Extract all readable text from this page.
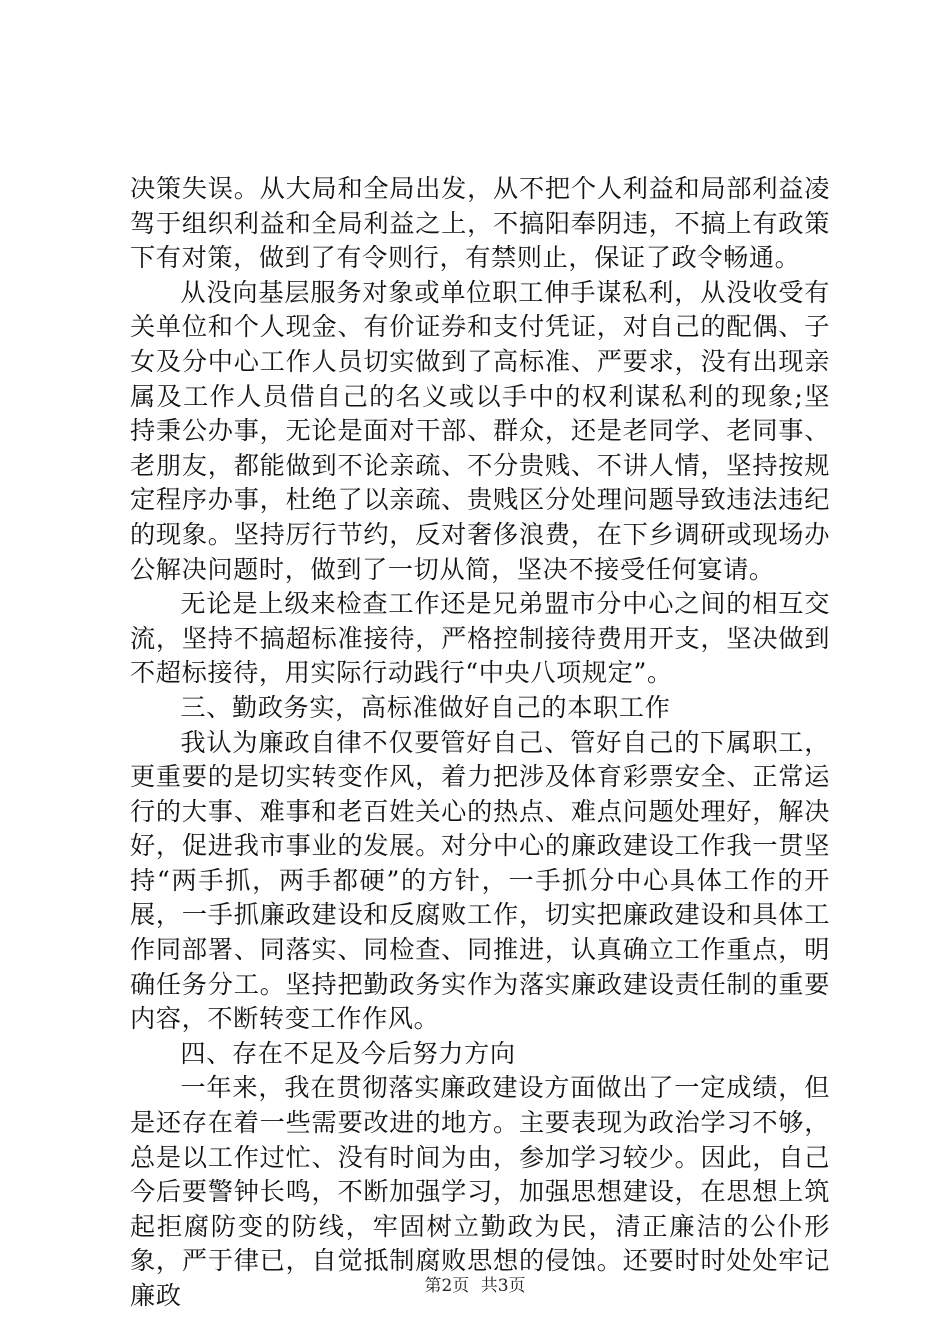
决策失误。从大局和全局出发，从不把个人利益和局部利益凌驾于组织利益和全局利益之上，不搞阳奉阴违，不搞上有政策下有对策，做到了有令则行，有禁则止，保证了政令畅通。

从没向基层服务对象或单位职工伸手谋私利，从没收受有关单位和个人现金、有价证券和支付凭证，对自己的配偶、子女及分中心工作人员切实做到了高标准、严要求，没有出现亲属及工作人员借自己的名义或以手中的权利谋私利的现象;坚持秉公办事，无论是面对干部、群众，还是老同学、老同事、老朋友，都能做到不论亲疏、不分贵贱、不讲人情，坚持按规定程序办事，杜绝了以亲疏、贵贱区分处理问题导致违法违纪的现象。坚持厉行节约，反对奢侈浪费，在下乡调研或现场办公解决问题时，做到了一切从简，坚决不接受任何宴请。

无论是上级来检查工作还是兄弟盟市分中心之间的相互交流，坚持不搞超标准接待，严格控制接待费用开支，坚决做到不超标接待，用实际行动践行“中央八项规定”。

三、勤政务实，高标准做好自己的本职工作

我认为廉政自律不仅要管好自己、管好自己的下属职工，更重要的是切实转变作风，着力把涉及体育彩票安全、正常运行的大事、难事和老百姓关心的热点、难点问题处理好，解决好，促进我市事业的发展。对分中心的廉政建设工作我一贯坚持“两手抓，两手都硬”的方针，一手抓分中心具体工作的开展，一手抓廉政建设和反腐败工作，切实把廉政建设和具体工作同部署、同落实、同检查、同推进，认真确立工作重点，明确任务分工。坚持把勤政务实作为落实廉政建设责任制的重要内容，不断转变工作作风。

四、存在不足及今后努力方向

一年来，我在贯彻落实廉政建设方面做出了一定成绩，但是还存在着一些需要改进的地方。主要表现为政治学习不够，总是以工作过忙、没有时间为由，参加学习较少。因此，自己今后要警钟长鸣，不断加强学习，加强思想建设，在思想上筑起拒腐防变的防线，牢固树立勤政为民，清正廉洁的公仆形象，严于律已，自觉抵制腐败思想的侵蚀。还要时时处处牢记廉政	第2页 共3页
